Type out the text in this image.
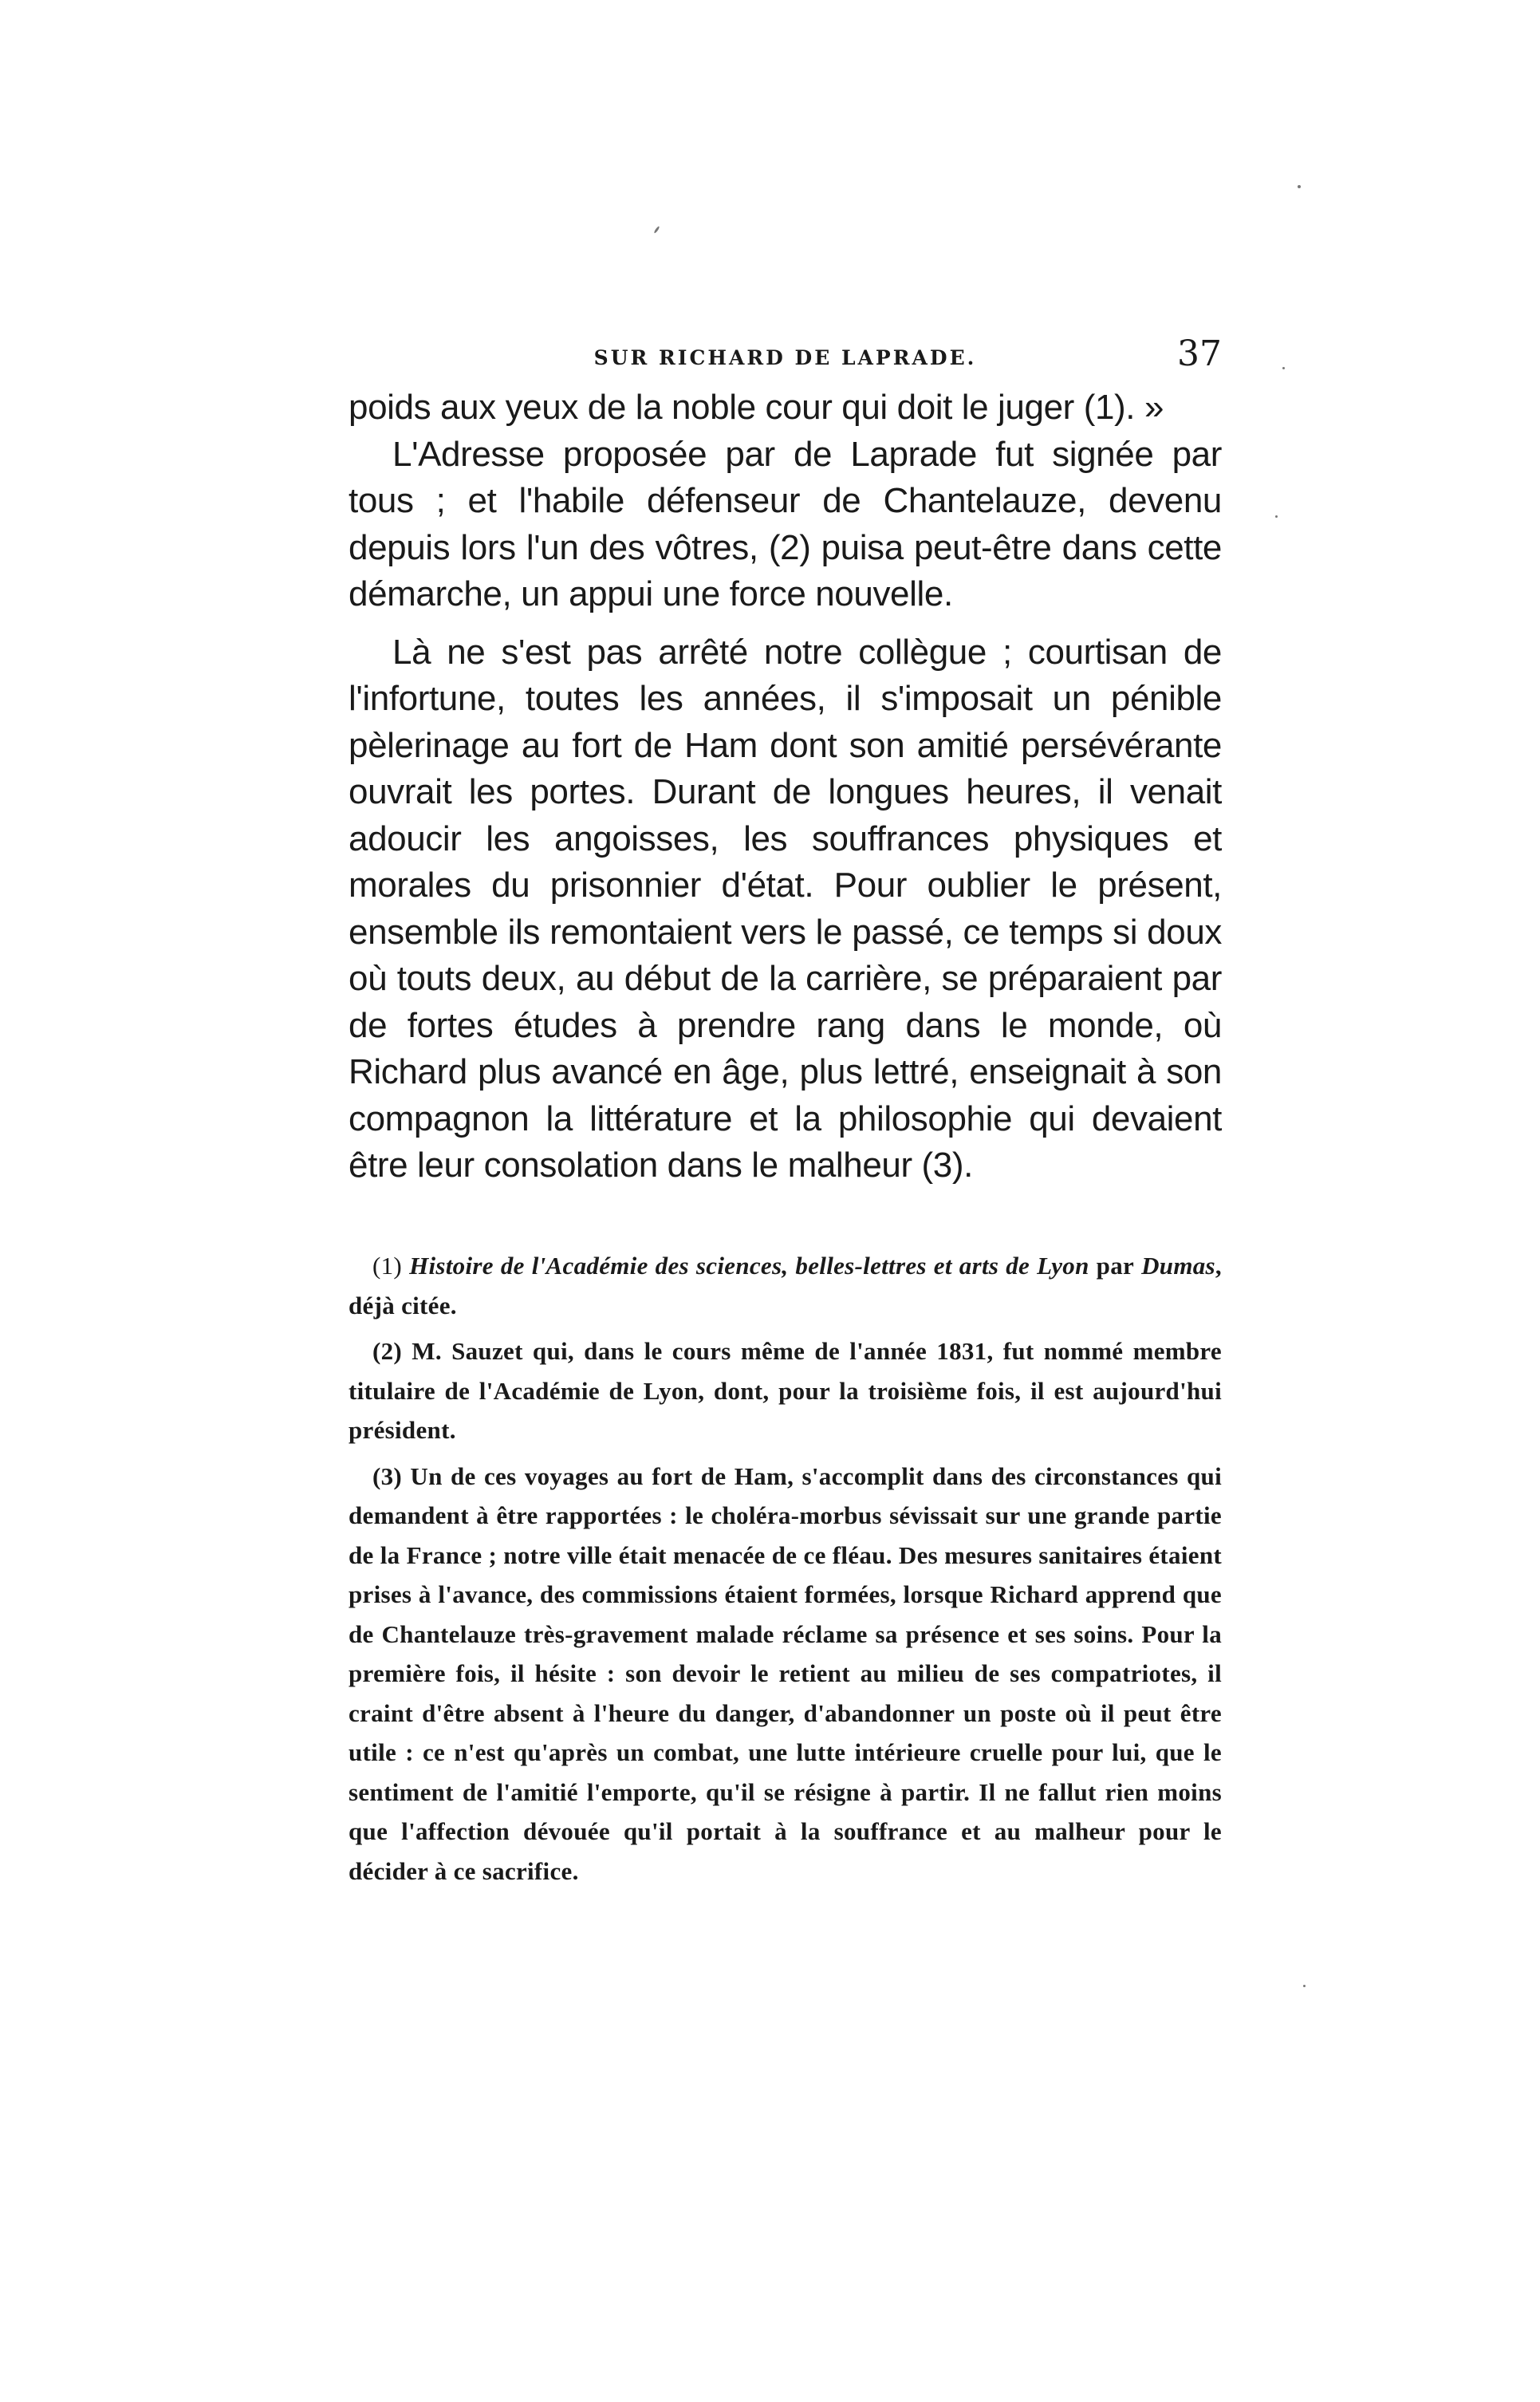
SUR RICHARD DE LAPRADE.	37

poids aux yeux de la noble cour qui doit le juger (1). »

L'Adresse proposée par de Laprade fut signée par tous ; et l'habile défenseur de Chantelauze, devenu depuis lors l'un des vôtres, (2) puisa peut-être dans cette démarche, un appui une force nouvelle.

Là ne s'est pas arrêté notre collègue ; courtisan de l'infortune, toutes les années, il s'imposait un pénible pèlerinage au fort de Ham dont son amitié persévérante ouvrait les portes. Durant de longues heures, il venait adoucir les angoisses, les souffrances physiques et morales du prisonnier d'état. Pour oublier le présent, ensemble ils remontaient vers le passé, ce temps si doux où touts deux, au début de la carrière, se préparaient par de fortes études à prendre rang dans le monde, où Richard plus avancé en âge, plus lettré, enseignait à son compagnon la littérature et la philosophie qui devaient être leur consolation dans le malheur (3).

(1) Histoire de l'Académie des sciences, belles-lettres et arts de Lyon par Dumas, déjà citée.

(2) M. Sauzet qui, dans le cours même de l'année 1831, fut nommé membre titulaire de l'Académie de Lyon, dont, pour la troisième fois, il est aujourd'hui président.

(3) Un de ces voyages au fort de Ham, s'accomplit dans des circonstances qui demandent à être rapportées : le choléra-morbus sévissait sur une grande partie de la France ; notre ville était menacée de ce fléau. Des mesures sanitaires étaient prises à l'avance, des commissions étaient formées, lorsque Richard apprend que de Chantelauze très-gravement malade réclame sa présence et ses soins. Pour la première fois, il hésite : son devoir le retient au milieu de ses compatriotes, il craint d'être absent à l'heure du danger, d'abandonner un poste où il peut être utile : ce n'est qu'après un combat, une lutte intérieure cruelle pour lui, que le sentiment de l'amitié l'emporte, qu'il se résigne à partir. Il ne fallut rien moins que l'affection dévouée qu'il portait à la souffrance et au malheur pour le décider à ce sacrifice.
